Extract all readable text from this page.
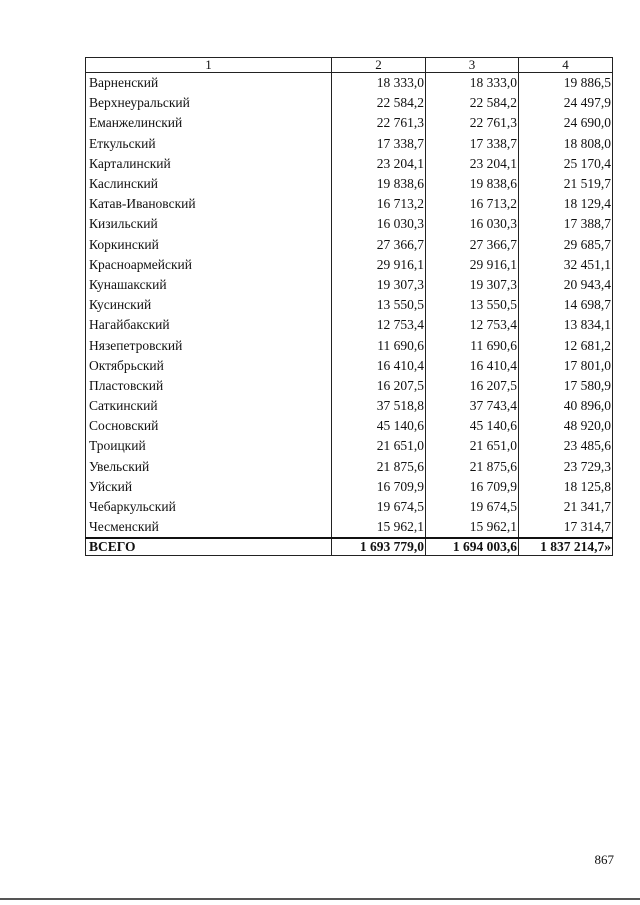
1	2	3	4
Варненский	18 333,0	18 333,0	19 886,5
Верхнеуральский	22 584,2	22 584,2	24 497,9
Еманжелинский	22 761,3	22 761,3	24 690,0
Еткульский	17 338,7	17 338,7	18 808,0
Карталинский	23 204,1	23 204,1	25 170,4
Каслинский	19 838,6	19 838,6	21 519,7
Катав-Ивановский	16 713,2	16 713,2	18 129,4
Кизильский	16 030,3	16 030,3	17 388,7
Коркинский	27 366,7	27 366,7	29 685,7
Красноармейский	29 916,1	29 916,1	32 451,1
Кунашакский	19 307,3	19 307,3	20 943,4
Кусинский	13 550,5	13 550,5	14 698,7
Нагайбакский	12 753,4	12 753,4	13 834,1
Нязепетровский	11 690,6	11 690,6	12 681,2
Октябрьский	16 410,4	16 410,4	17 801,0
Пластовский	16 207,5	16 207,5	17 580,9
Саткинский	37 518,8	37 743,4	40 896,0
Сосновский	45 140,6	45 140,6	48 920,0
Троицкий	21 651,0	21 651,0	23 485,6
Увельский	21 875,6	21 875,6	23 729,3
Уйский	16 709,9	16 709,9	18 125,8
Чебаркульский	19 674,5	19 674,5	21 341,7
Чесменский	15 962,1	15 962,1	17 314,7
ВСЕГО	1 693 779,0	1 694 003,6	1 837 214,7»
867
